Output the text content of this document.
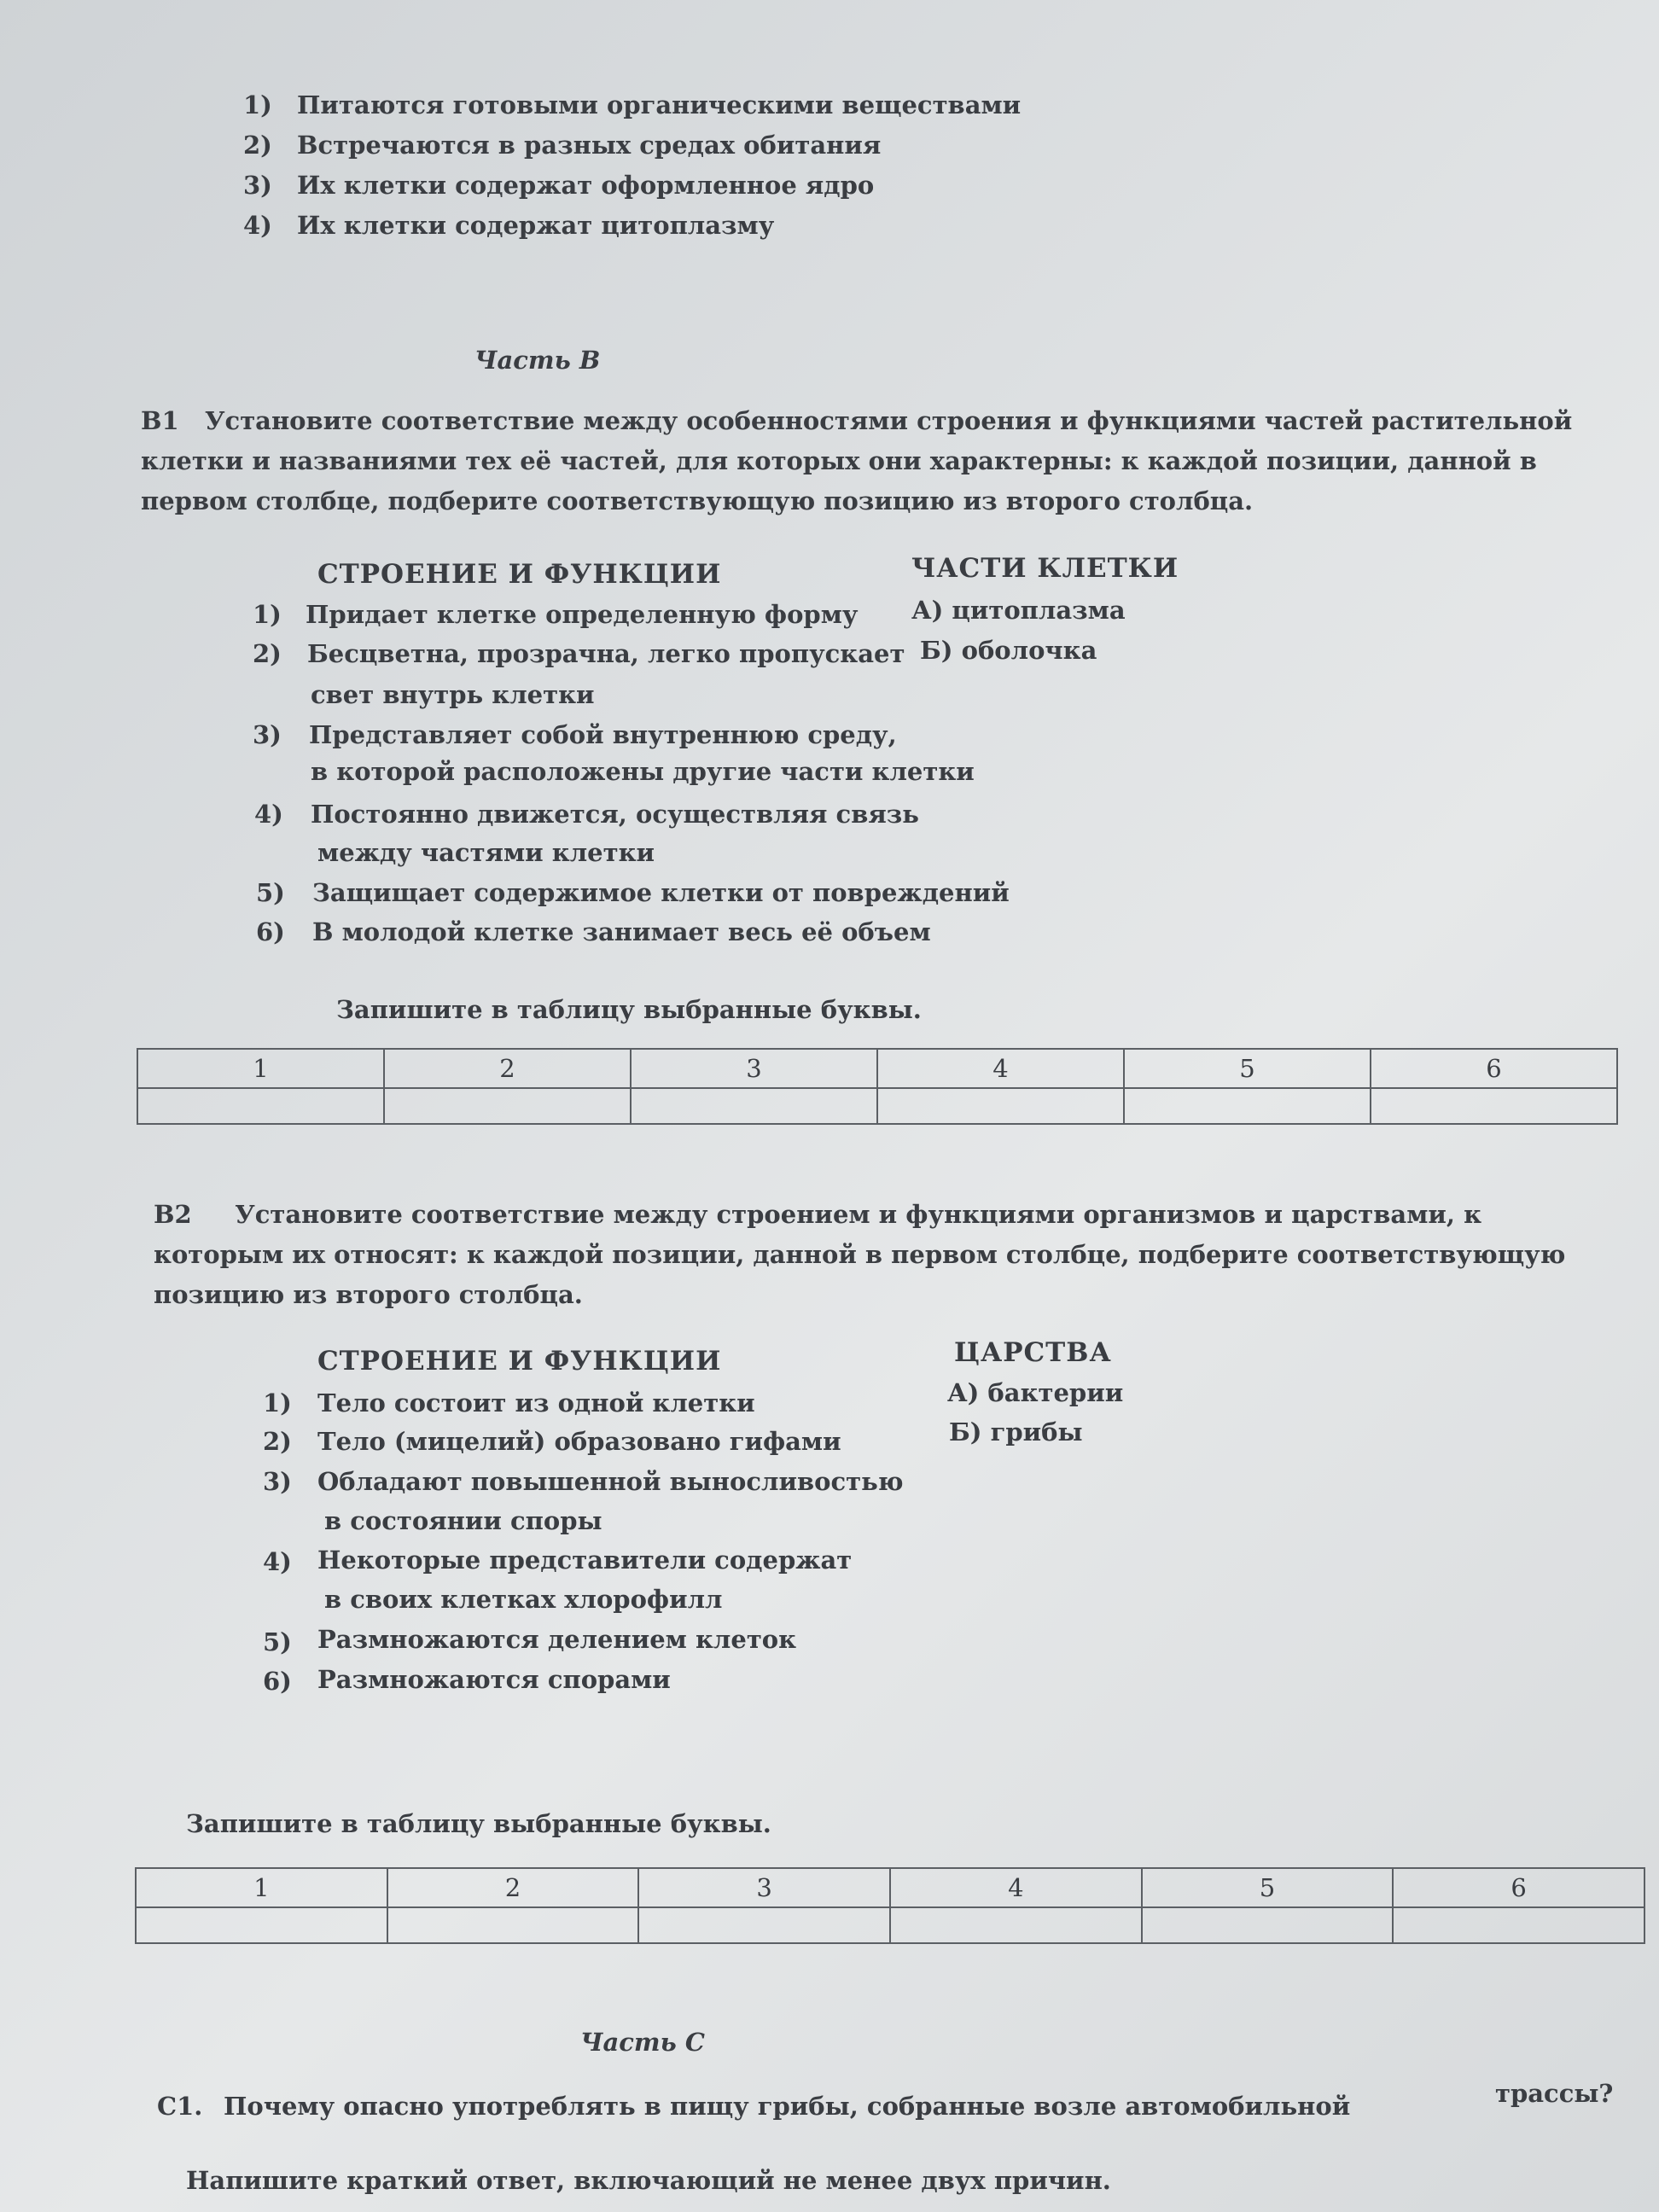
1) Питаются готовыми органическими веществами
2) Встречаются в разных средах обитания
3) Их клетки содержат оформленное ядро
4) Их клетки содержат цитоплазму
Часть В
В1 Установите соответствие между особенностями строения и функциями частей растительной клетки и названиями тех её частей, для которых они характерны: к каждой позиции, данной в первом столбце, подберите соответствующую позицию из второго столбца.
СТРОЕНИЕ И ФУНКЦИИ	ЧАСТИ КЛЕТКИ
1) Придает клетке определенную форму
2) Бесцветна, прозрачна, легко пропускает
свет внутрь клетки
3) Представляет собой внутреннюю среду,
в которой расположены другие части клетки
4) Постоянно движется, осуществляя связь
между частями клетки
5) Защищает содержимое клетки от повреждений
6) В молодой клетке занимает весь её объем
А) цитоплазма
Б) оболочка
Запишите в таблицу выбранные буквы.
1	2	3	4	5	6

В2 Установите соответствие между строением и функциями организмов и царствами, к которым их относят: к каждой позиции, данной в первом столбце, подберите соответствующую позицию из второго столбца.
СТРОЕНИЕ И ФУНКЦИИ	ЦАРСТВА
1) Тело состоит из одной клетки
2) Тело (мицелий) образовано гифами
3) Обладают повышенной выносливостью
в состоянии споры
4) Некоторые представители содержат
в своих клетках хлорофилл
5) Размножаются делением клеток
6) Размножаются спорами
А) бактерии
Б) грибы
Запишите в таблицу выбранные буквы.
1	2	3	4	5	6

Часть С
С1. Почему опасно употреблять в пищу грибы, собранные возле автомобильной	трассы?
Напишите краткий ответ, включающий не менее двух причин.
